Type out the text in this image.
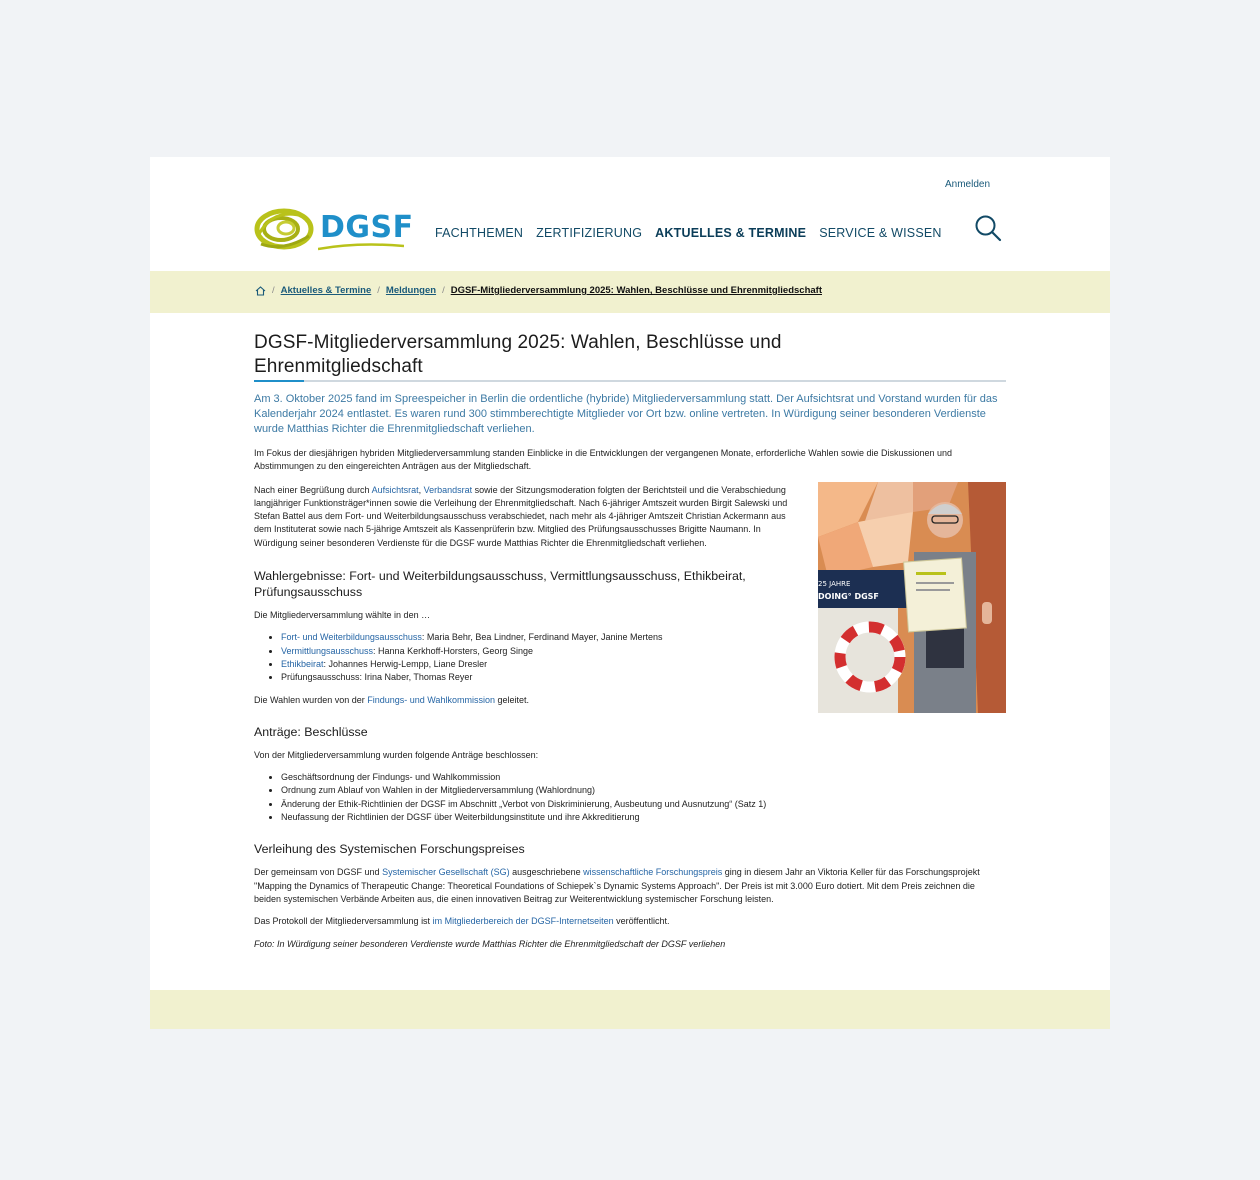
Anmelden
DGSF FACHTHEMEN ZERTIFIZIERUNG AKTUELLES & TERMINE SERVICE & WISSEN
/ Aktuelles & Termine / Meldungen / DGSF-Mitgliederversammlung 2025: Wahlen, Beschlüsse und Ehrenmitgliedschaft
DGSF-Mitgliederversammlung 2025: Wahlen, Beschlüsse und
Ehrenmitgliedschaft

Am 3. Oktober 2025 fand im Spreespeicher in Berlin die ordentliche (hybride) Mitgliederversammlung statt. Der Aufsichtsrat und Vorstand wurden für das Kalenderjahr 2024 entlastet. Es waren rund 300 stimmberechtigte Mitglieder vor Ort bzw. online vertreten. In Würdigung seiner besonderen Verdienste wurde Matthias Richter die Ehrenmitgliedschaft verliehen.

Im Fokus der diesjährigen hybriden Mitgliederversammlung standen Einblicke in die Entwicklungen der vergangenen Monate, erforderliche Wahlen sowie die Diskussionen und Abstimmungen zu den eingereichten Anträgen aus der Mitgliedschaft.

25 JAHRE
DOING° DGSF

Nach einer Begrüßung durch Aufsichtsrat, Verbandsrat sowie der Sitzungsmoderation folgten der Berichtsteil und die Verabschiedung langjähriger Funktionsträger*innen sowie die Verleihung der Ehrenmitgliedschaft. Nach 6-jähriger Amtszeit wurden Birgit Salewski und Stefan Battel aus dem Fort- und Weiterbildungsausschuss verabschiedet, nach mehr als 4-jähriger Amtszeit Christian Ackermann aus dem Instituterat sowie nach 5-jährige Amtszeit als Kassenprüferin bzw. Mitglied des Prüfungsausschusses Brigitte Naumann. In Würdigung seiner besonderen Verdienste für die DGSF wurde Matthias Richter die Ehrenmitgliedschaft verliehen.

Wahlergebnisse: Fort- und Weiterbildungsausschuss, Vermittlungsausschuss, Ethikbeirat, Prüfungsausschuss

Die Mitgliederversammlung wählte in den …

• Fort- und Weiterbildungsausschuss: Maria Behr, Bea Lindner, Ferdinand Mayer, Janine Mertens
• Vermittlungsausschuss: Hanna Kerkhoff-Horsters, Georg Singe
• Ethikbeirat: Johannes Herwig-Lempp, Liane Dresler
• Prüfungsausschuss: Irina Naber, Thomas Reyer

Die Wahlen wurden von der Findungs- und Wahlkommission geleitet.

Anträge: Beschlüsse

Von der Mitgliederversammlung wurden folgende Anträge beschlossen:

• Geschäftsordnung der Findungs- und Wahlkommission
• Ordnung zum Ablauf von Wahlen in der Mitgliederversammlung (Wahlordnung)
• Änderung der Ethik-Richtlinien der DGSF im Abschnitt „Verbot von Diskriminierung, Ausbeutung und Ausnutzung“ (Satz 1)
• Neufassung der Richtlinien der DGSF über Weiterbildungsinstitute und ihre Akkreditierung
Verleihung des Systemischen Forschungspreises

Der gemeinsam von DGSF und Systemischer Gesellschaft (SG) ausgeschriebene wissenschaftliche Forschungspreis ging in diesem Jahr an Viktoria Keller für das Forschungsprojekt "Mapping the Dynamics of Therapeutic Change: Theoretical Foundations of Schiepek`s Dynamic Systems Approach". Der Preis ist mit 3.000 Euro dotiert. Mit dem Preis zeichnen die beiden systemischen Verbände Arbeiten aus, die einen innovativen Beitrag zur Weiterentwicklung systemischer Forschung leisten.

Das Protokoll der Mitgliederversammlung ist im Mitgliederbereich der DGSF-Internetseiten veröffentlicht.

Foto: In Würdigung seiner besonderen Verdienste wurde Matthias Richter die Ehrenmitgliedschaft der DGSF verliehen
